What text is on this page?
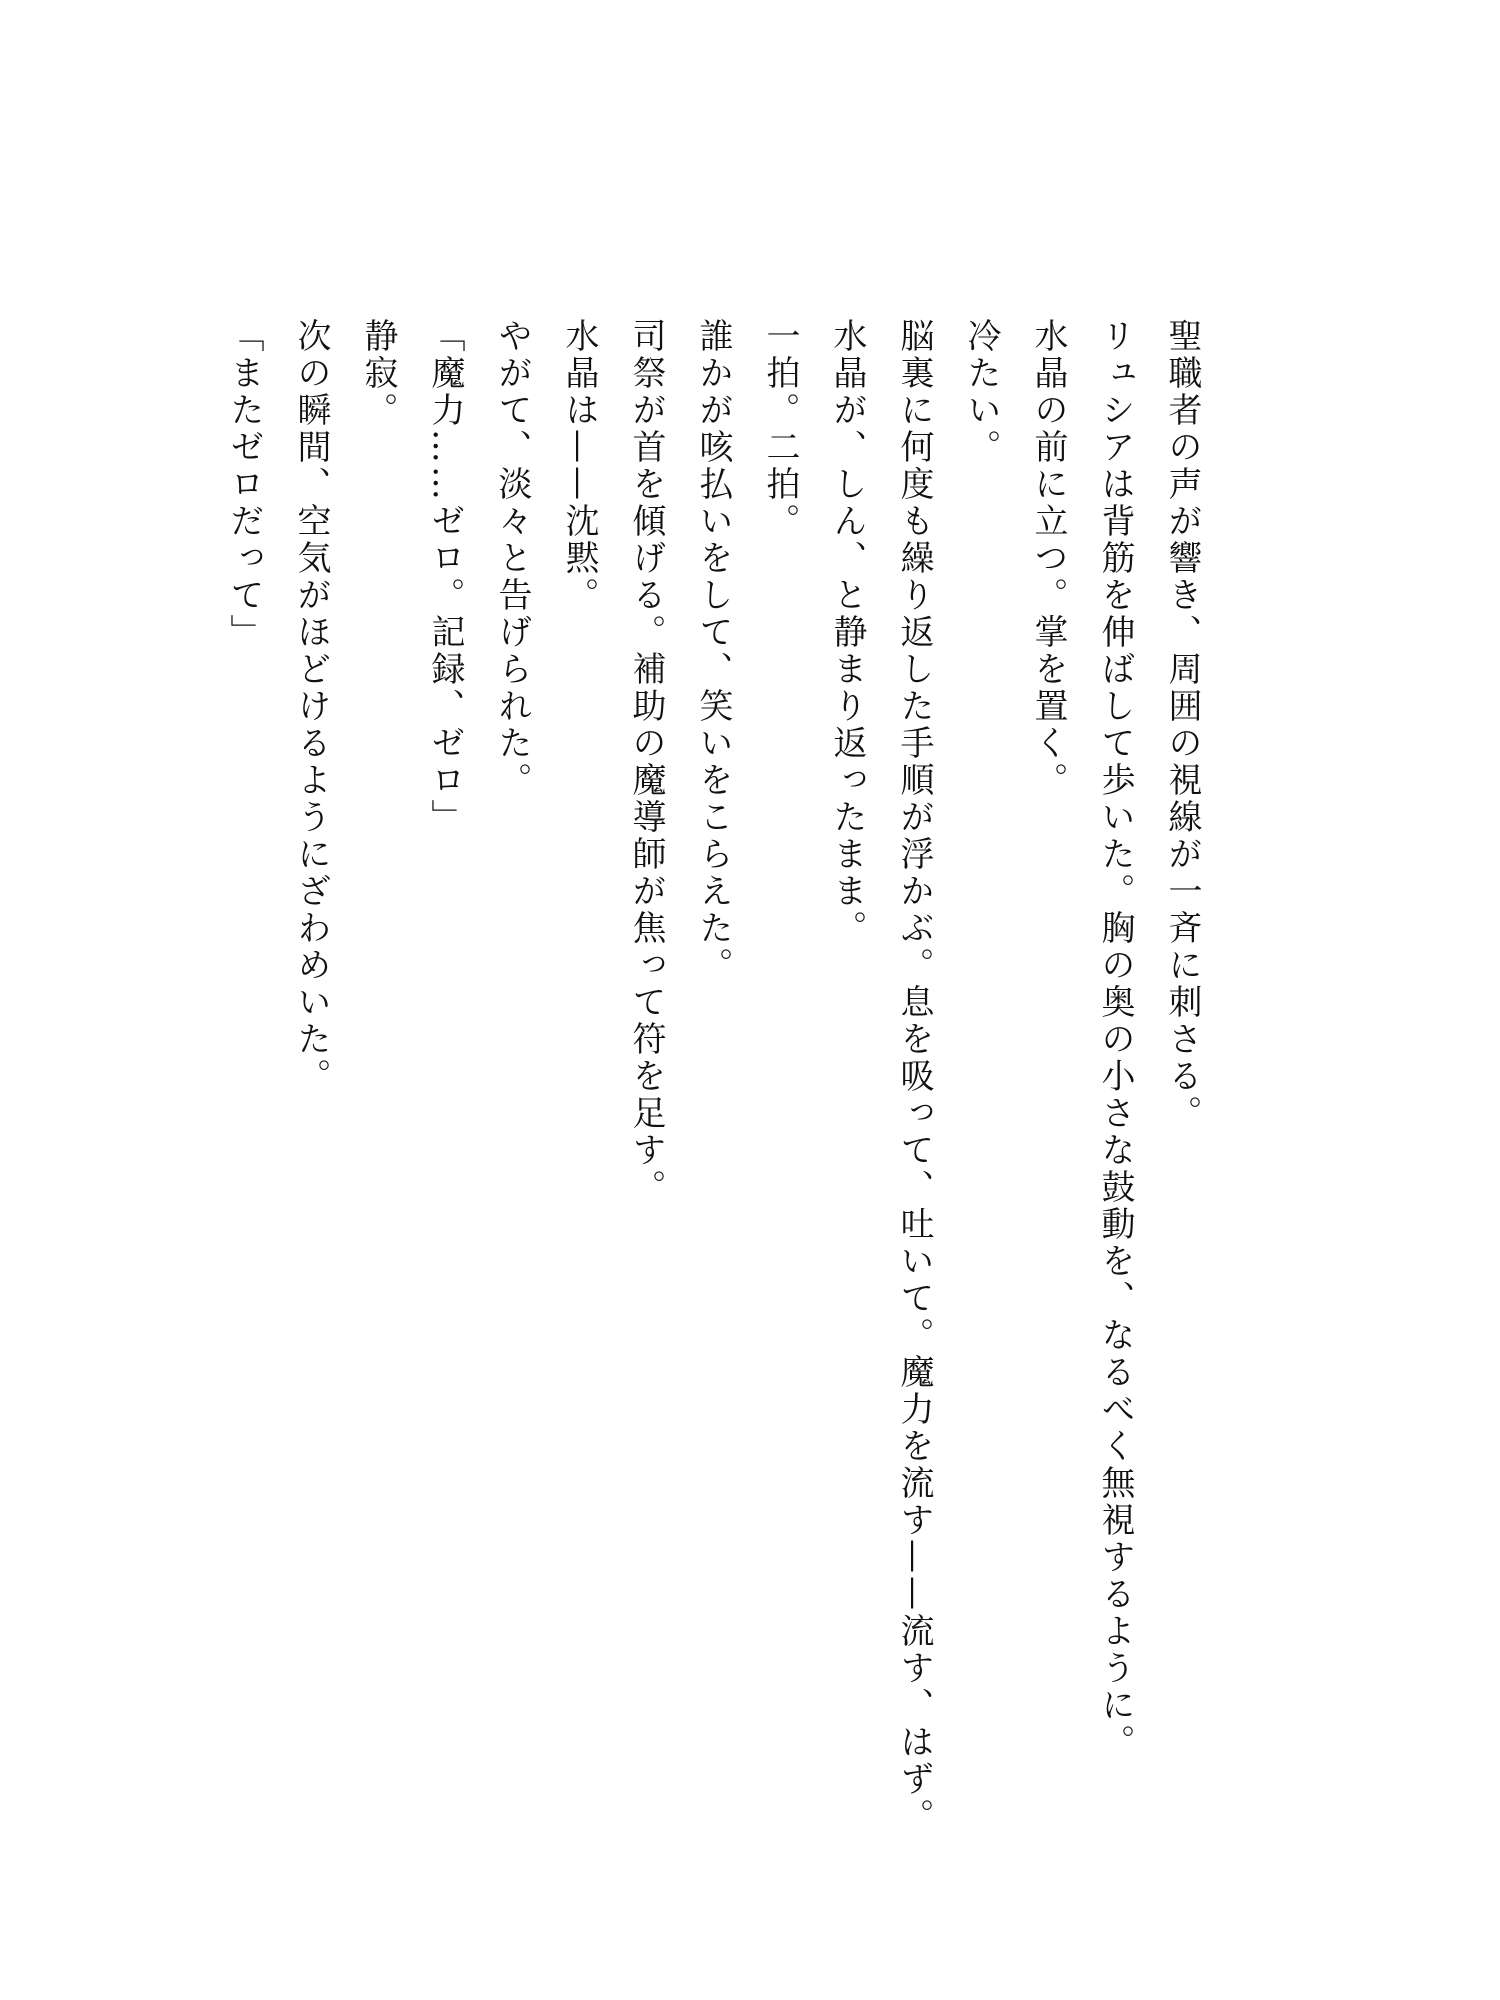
聖職者の声が響き、周囲の視線が一斉に刺さる。
リュシアは背筋を伸ばして歩いた。胸の奥の小さな鼓動を、なるべく無視するように。
水晶の前に立つ。掌を置く。
冷たい。
脳裏に何度も繰り返した手順が浮かぶ。息を吸って、吐いて。魔力を流す——流す、はず。
水晶が、しん、と静まり返ったまま。
一拍。二拍。
誰かが咳払いをして、笑いをこらえた。
司祭が首を傾げる。補助の魔導師が焦って符を足す。
水晶は——沈黙。
やがて、淡々と告げられた。
「魔力……ゼロ。記録、ゼロ」
静寂。
次の瞬間、空気がほどけるようにざわめいた。
「またゼロだって」
